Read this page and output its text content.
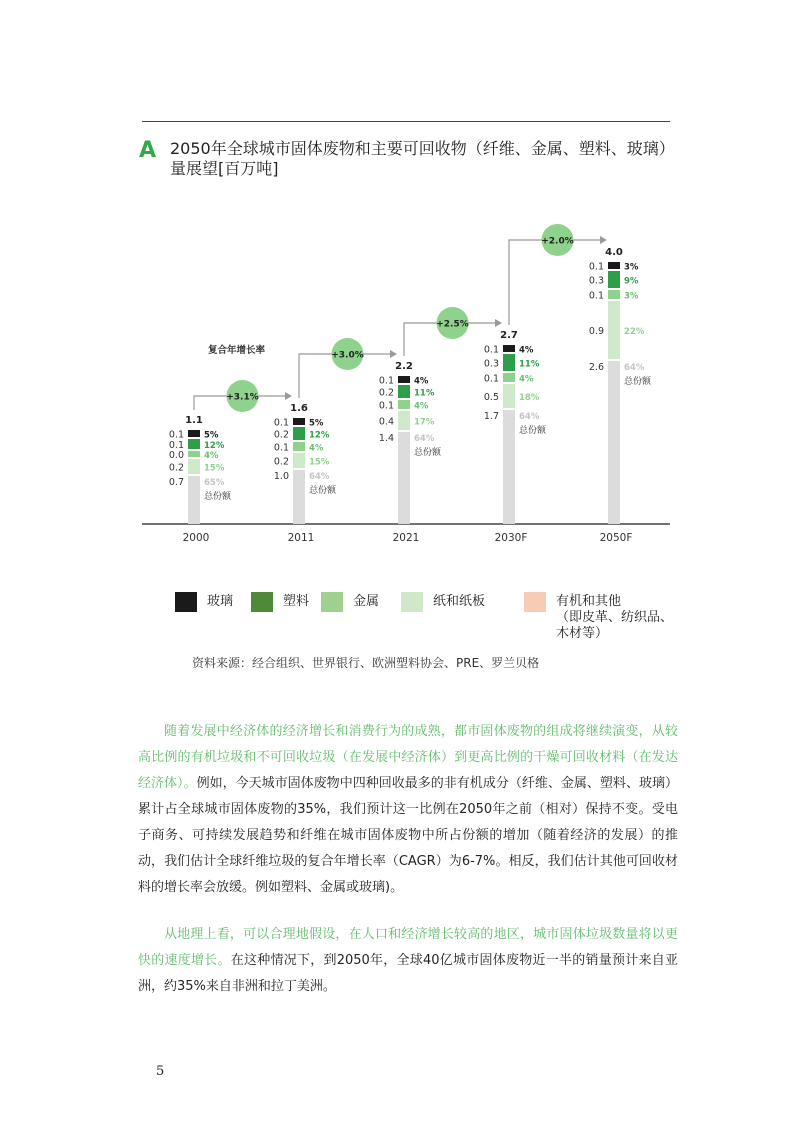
A 2050年全球城市固体废物和主要可回收物（纤维、金属、塑料、玻璃）量展望[百万吨]
0.1 5%
0.1 12%
0.0 4%
0.2 15%
0.7 65%
总份额
1.1
2000
0.1 5%
0.2 12%
0.1 4%
0.2 15%
1.0 64%
总份额
1.6
2011
0.1 4%
0.2 11%
0.1 4%
0.4 17%
1.4 64%
总份额
2.2
2021
0.1 4%
0.3 11%
0.1 4%
0.5 18%
1.7 64%
总份额
2.7
2030F
0.1 3%
0.3 9%
0.1 3%
0.9 22%
2.6 64%
总份额
4.0
2050F
复合年增长率
+3.1%
+3.0%
+2.5%
+2.0%
玻璃	塑料	金属	纸和纸板	有机和其他
（即皮革、纺织品、
木材等）
资料来源：经合组织、世界银行、欧洲塑料协会、PRE、罗兰贝格
随着发展中经济体的经济增长和消费行为的成熟，都市固体废物的组成将继续演变，从较高比例的有机垃圾和不可回收垃圾（在发展中经济体）到更高比例的干燥可回收材料（在发达经济体）。例如，今天城市固体废物中四种回收最多的非有机成分（纤维、金属、塑料、玻璃）累计占全球城市固体废物的35%，我们预计这一比例在2050年之前（相对）保持不变。受电子商务、可持续发展趋势和纤维在城市固体废物中所占份额的增加（随着经济的发展）的推动，我们估计全球纤维垃圾的复合年增长率（CAGR）为6-7%。相反，我们估计其他可回收材料的增长率会放缓。例如塑料、金属或玻璃)。
从地理上看，可以合理地假设，在人口和经济增长较高的地区，城市固体垃圾数量将以更快的速度增长。在这种情况下，到2050年，全球40亿城市固体废物近一半的销量预计来自亚洲，约35%来自非洲和拉丁美洲。
5
